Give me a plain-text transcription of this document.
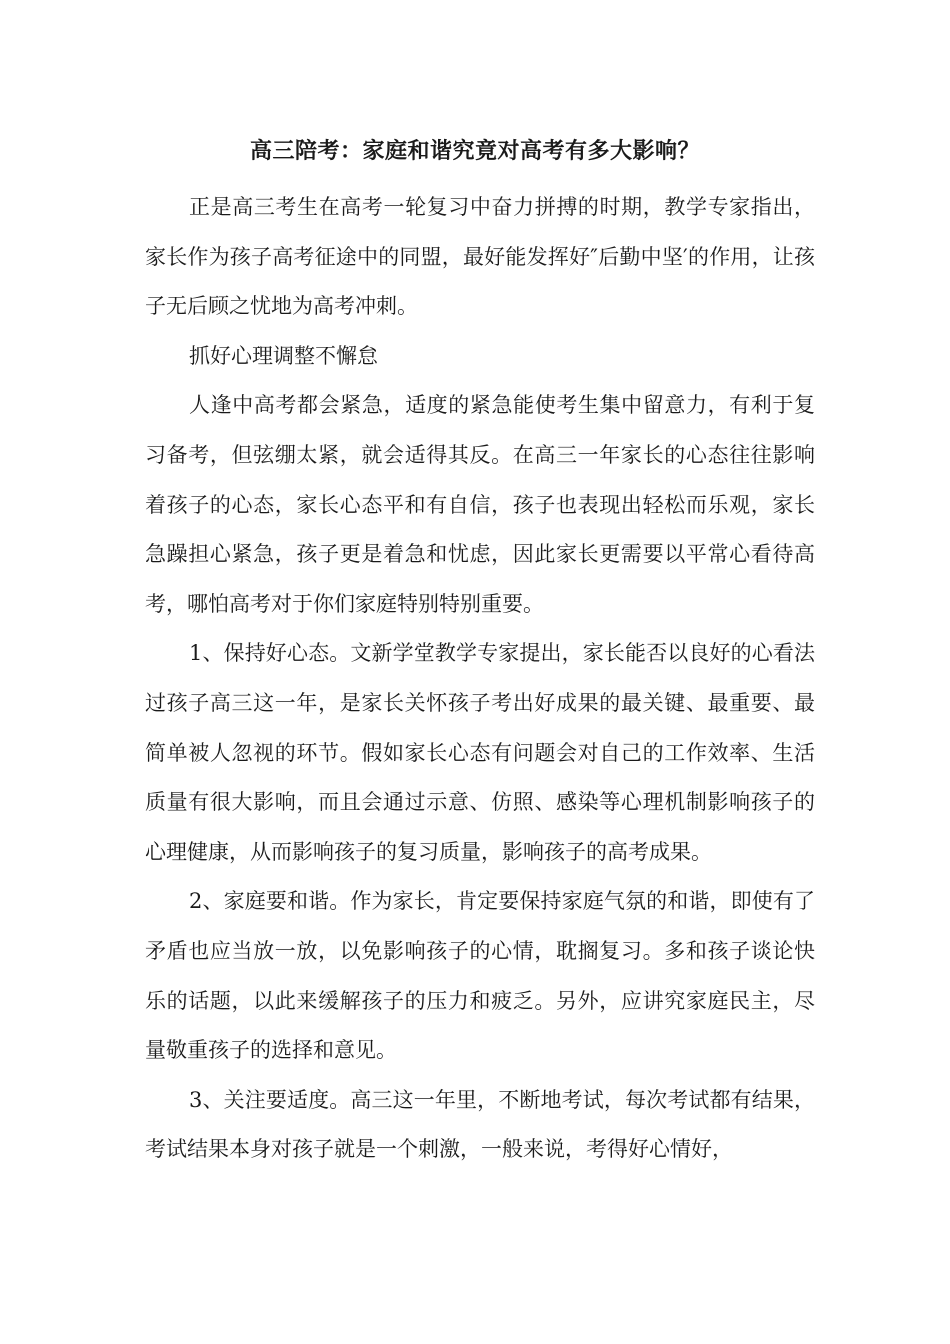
高三陪考：家庭和谐究竟对高考有多大影响？

正是高三考生在高考一轮复习中奋力拼搏的时期，教学专家指出，家长作为孩子高考征途中的同盟，最好能发挥好″后勤中坚′的作用，让孩子无后顾之忧地为高考冲刺。

抓好心理调整不懈怠

人逢中高考都会紧急，适度的紧急能使考生集中留意力，有利于复习备考，但弦绷太紧，就会适得其反。在高三一年家长的心态往往影响着孩子的心态，家长心态平和有自信，孩子也表现出轻松而乐观，家长急躁担心紧急，孩子更是着急和忧虑，因此家长更需要以平常心看待高考，哪怕高考对于你们家庭特别特别重要。

1、保持好心态。文新学堂教学专家提出，家长能否以良好的心看法过孩子高三这一年，是家长关怀孩子考出好成果的最关键、最重要、最简单被人忽视的环节。假如家长心态有问题会对自己的工作效率、生活质量有很大影响，而且会通过示意、仿照、感染等心理机制影响孩子的心理健康，从而影响孩子的复习质量，影响孩子的高考成果。

2、家庭要和谐。作为家长，肯定要保持家庭气氛的和谐，即使有了矛盾也应当放一放，以免影响孩子的心情，耽搁复习。多和孩子谈论快乐的话题，以此来缓解孩子的压力和疲乏。另外，应讲究家庭民主，尽量敬重孩子的选择和意见。

3、关注要适度。高三这一年里，不断地考试，每次考试都有结果，考试结果本身对孩子就是一个刺激，一般来说，考得好心情好，
